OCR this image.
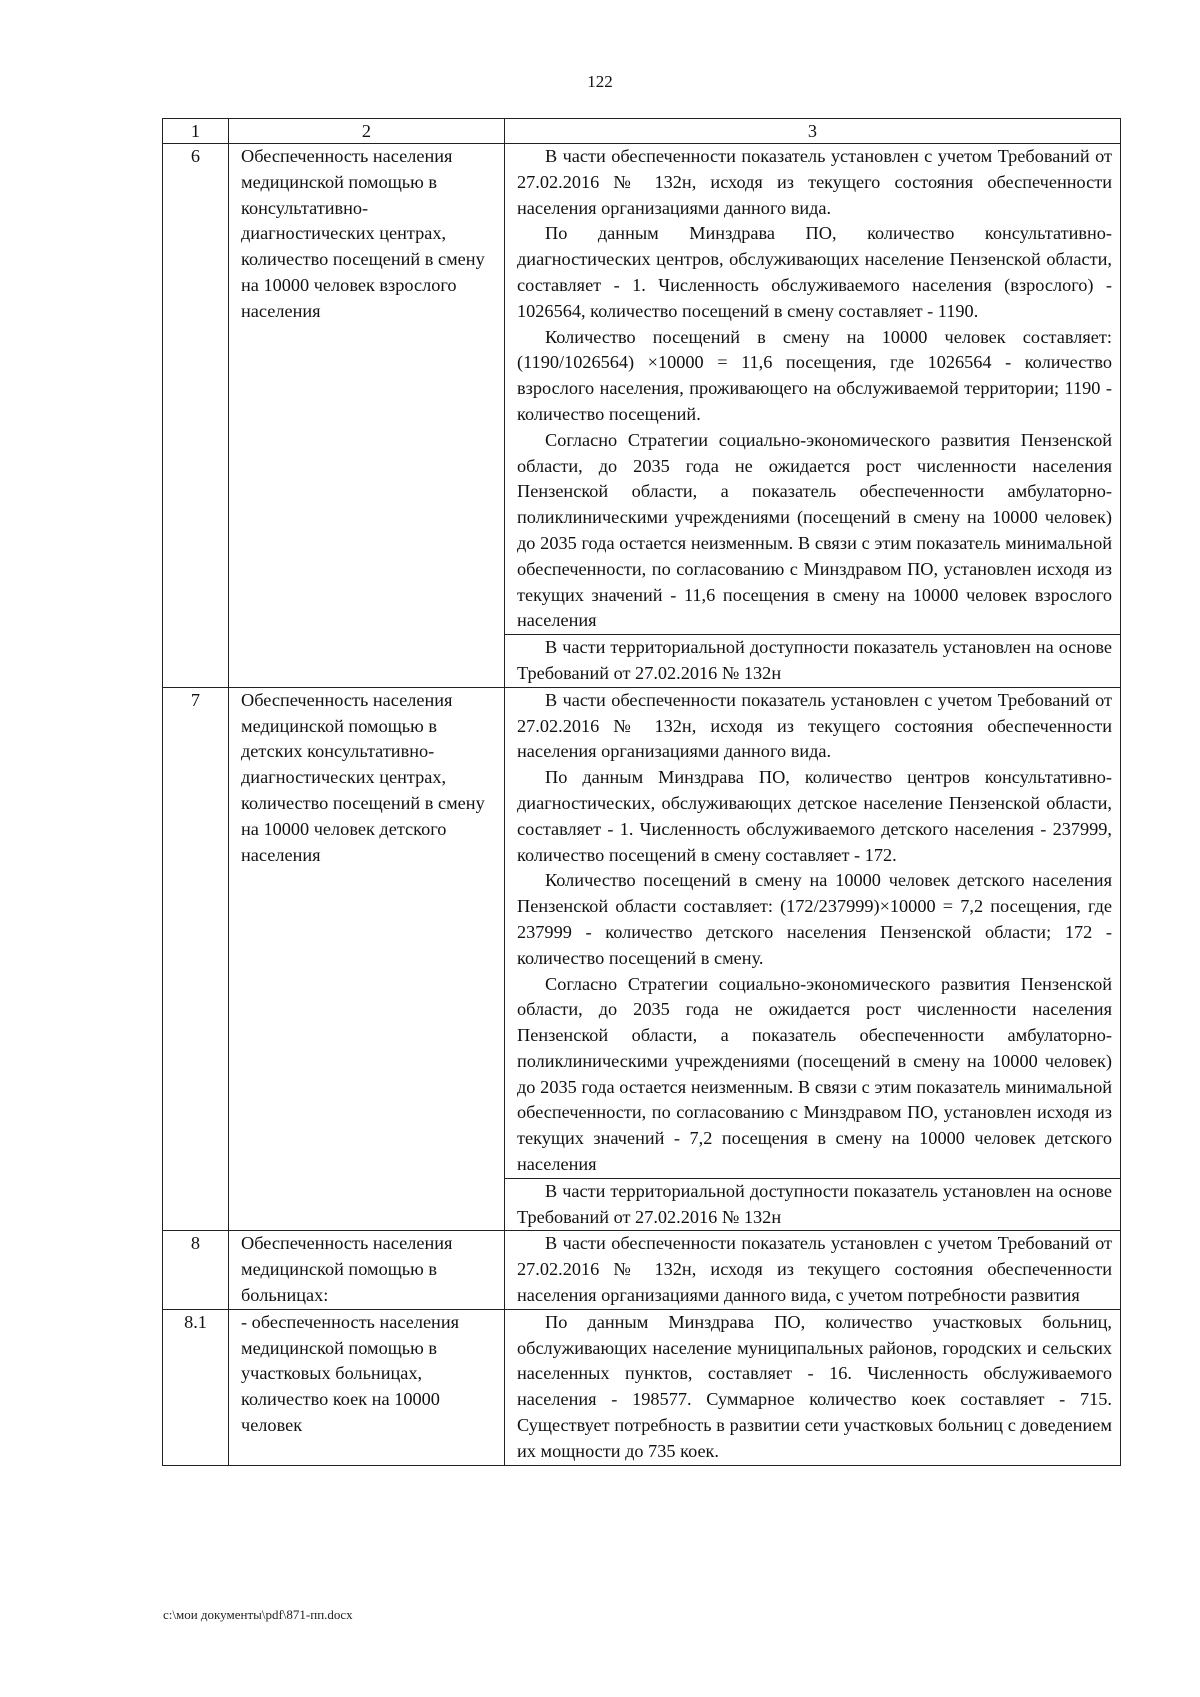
122
1	2	3
6	Обеспеченность населения медицинской помощью в консультативно-диагностических центрах, количество посещений в смену на 10000 человек взрослого населения	В части обеспеченности показатель установлен с учетом Требований от 27.02.2016 № 132н, исходя из текущего состояния обеспеченности населения организациями данного вида.

По данным Минздрава ПО, количество консультативно-диагностических центров, обслуживающих население Пензенской области, составляет - 1. Численность обслуживаемого населения (взрослого) - 1026564, количество посещений в смену составляет - 1190.

Количество посещений в смену на 10000 человек составляет: (1190/1026564) ×10000 = 11,6 посещения, где 1026564 - количество взрослого населения, проживающего на обслуживаемой территории; 1190 - количество посещений.

Согласно Стратегии социально-экономического развития Пензенской области, до 2035 года не ожидается рост численности населения Пензенской области, а показатель обеспеченности амбулаторно-поликлиническими учреждениями (посещений в смену на 10000 человек) до 2035 года остается неизменным. В связи с этим показатель минимальной обеспеченности, по согласованию с Минздравом ПО, установлен исходя из текущих значений - 11,6 посещения в смену на 10000 человек взрослого населения

		В части территориальной доступности показатель установлен на основе Требований от 27.02.2016 № 132н

7	Обеспеченность населения медицинской помощью в детских консультативно-диагностических центрах, количество посещений в смену на 10000 человек детского населения	В части обеспеченности показатель установлен с учетом Требований от 27.02.2016 № 132н, исходя из текущего состояния обеспеченности населения организациями данного вида.

По данным Минздрава ПО, количество центров консультативно-диагностических, обслуживающих детское население Пензенской области, составляет - 1. Численность обслуживаемого детского населения - 237999, количество посещений в смену составляет - 172.

Количество посещений в смену на 10000 человек детского населения Пензенской области составляет: (172/237999)×10000 = 7,2 посещения, где 237999 - количество детского населения Пензенской области; 172 - количество посещений в смену.

Согласно Стратегии социально-экономического развития Пензенской области, до 2035 года не ожидается рост численности населения Пензенской области, а показатель обеспеченности амбулаторно-поликлиническими учреждениями (посещений в смену на 10000 человек) до 2035 года остается неизменным. В связи с этим показатель минимальной обеспеченности, по согласованию с Минздравом ПО, установлен исходя из текущих значений - 7,2 посещения в смену на 10000 человек детского населения

		В части территориальной доступности показатель установлен на основе Требований от 27.02.2016 № 132н

8	Обеспеченность населения медицинской помощью в больницах:	В части обеспеченности показатель установлен с учетом Требований от 27.02.2016 № 132н, исходя из текущего состояния обеспеченности населения организациями данного вида, с учетом потребности развития

8.1	- обеспеченность населения медицинской помощью в участковых больницах, количество коек на 10000 человек	По данным Минздрава ПО, количество участковых больниц, обслуживающих население муниципальных районов, городских и сельских населенных пунктов, составляет - 16. Численность обслуживаемого населения - 198577. Суммарное количество коек составляет - 715. Существует потребность в развитии сети участковых больниц с доведением их мощности до 735 коек.

c:\мои документы\pdf\871-пп.docx
